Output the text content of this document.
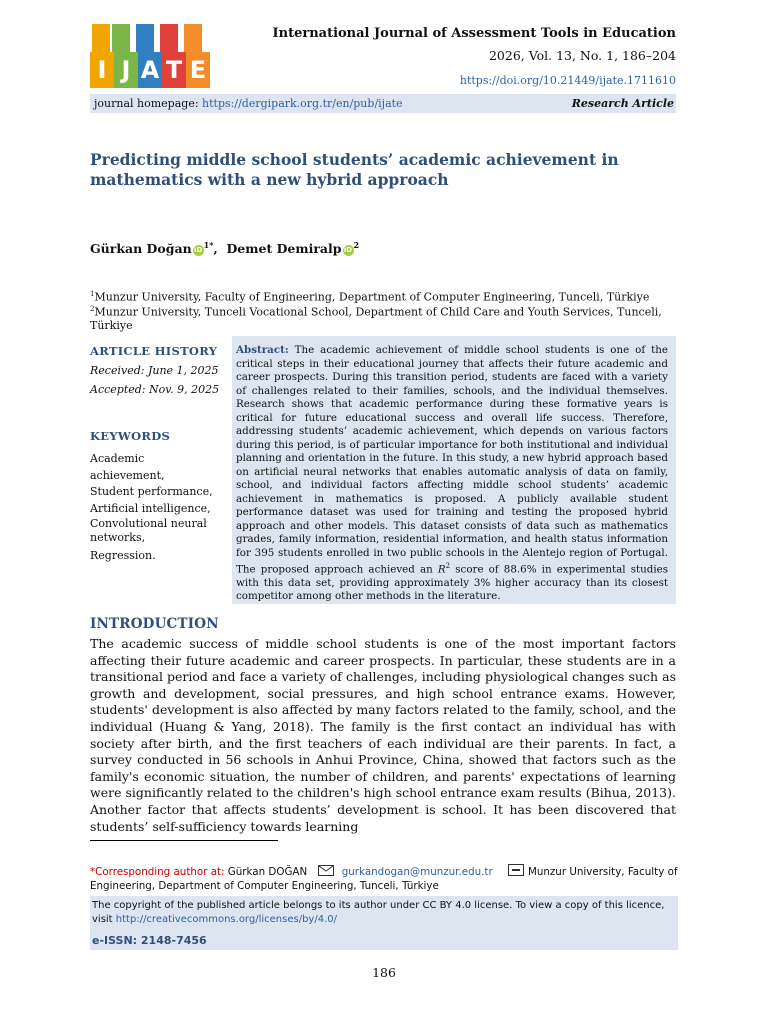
I J A T E
International Journal of Assessment Tools in Education
2026, Vol. 13, No. 1, 186–204
https://doi.org/10.21449/ijate.1711610
journal homepage: https://dergipark.org.tr/en/pub/ijate	Research Article
Predicting middle school students’ academic achievement in mathematics with a new hybrid approach
Gürkan Doğan $iD^{1*}$,  Demet Demiralp $iD^2$
$^1$Munzur University, Faculty of Engineering, Department of Computer Engineering, Tunceli, Türkiye
$^2$Munzur University, Tunceli Vocational School, Department of Child Care and Youth Services, Tunceli, Türkiye
ARTICLE HISTORY
Received: June 1, 2025
Accepted: Nov. 9, 2025
KEYWORDS
Academic achievement,
Student performance,
Artificial intelligence,
Convolutional neural networks,
Regression.

Abstract: The academic achievement of middle school students is one of the critical steps in their educational journey that affects their future academic and career prospects. During this transition period, students are faced with a variety of challenges related to their families, schools, and the individual themselves. Research shows that academic performance during these formative years is critical for future educational success and overall life success. Therefore, addressing students’ academic achievement, which depends on various factors during this period, is of particular importance for both institutional and individual planning and orientation in the future. In this study, a new hybrid approach based on artificial neural networks that enables automatic analysis of data on family, school, and individual factors affecting middle school students’ academic achievement in mathematics is proposed. A publicly available student performance dataset was used for training and testing the proposed hybrid approach and other models. This dataset consists of data such as mathematics grades, family information, residential information, and health status information for 395 students enrolled in two public schools in the Alentejo region of Portugal. The proposed approach achieved an $R^2$ score of 88.6% in experimental studies with this data set, providing approximately 3% higher accuracy than its closest competitor among other methods in the literature.

INTRODUCTION
The academic success of middle school students is one of the most important factors affecting their future academic and career prospects. In particular, these students are in a transitional period and face a variety of challenges, including physiological changes such as growth and development, social pressures, and high school entrance exams. However, students' development is also affected by many factors related to the family, school, and the individual (Huang & Yang, 2018). The family is the first contact an individual has with society after birth, and the first teachers of each individual are their parents. In fact, a survey conducted in 56 schools in Anhui Province, China, showed that factors such as the family's economic situation, the number of children, and parents' expectations of learning were significantly related to the children's high school entrance exam results (Bihua, 2013). Another factor that affects students’ development is school. It has been discovered that students’ self-sufficiency towards learning
*Corresponding author at: Gürkan DOĞAN	gurkandogan@munzur.edu.tr	Munzur University, Faculty of Engineering, Department of Computer Engineering, Tunceli, Türkiye
The copyright of the published article belongs to its author under CC BY 4.0 license. To view a copy of this licence, visit http://creativecommons.org/licenses/by/4.0/
e-ISSN: 2148-7456
186
